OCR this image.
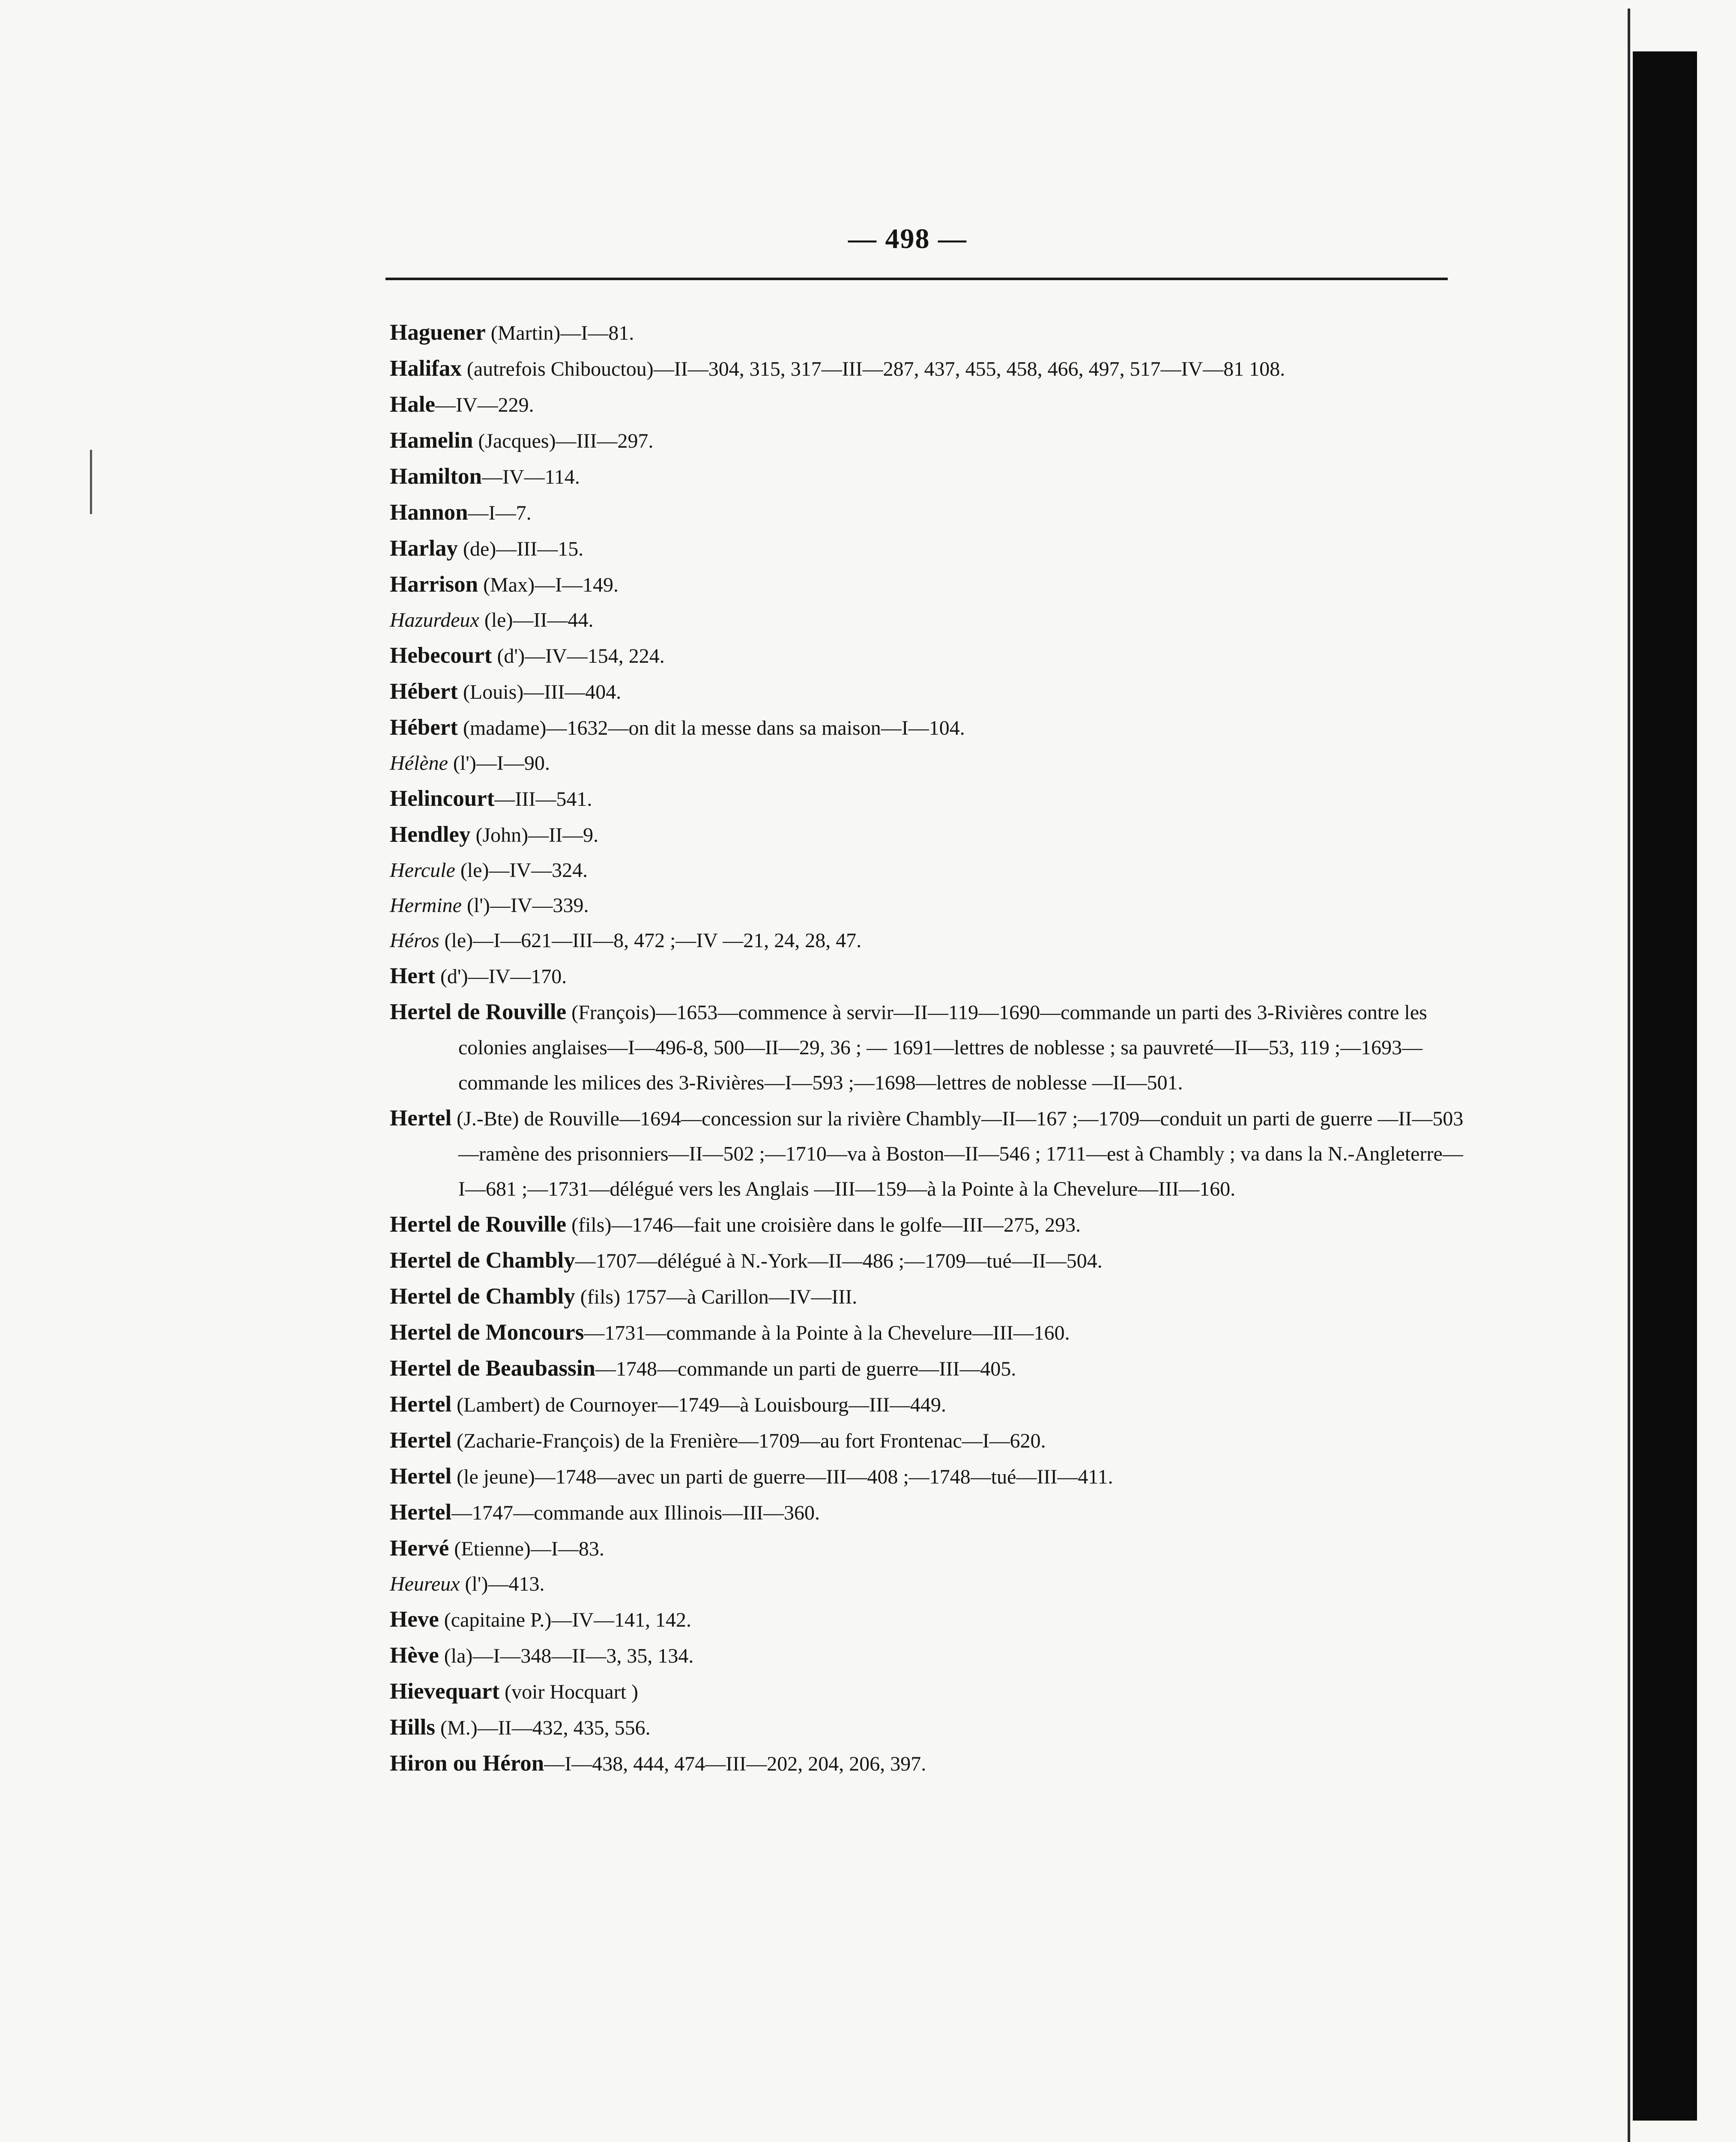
— 498 —
Haguener (Martin)—I—81.
Halifax (autrefois Chibouctou)—II—304, 315, 317—III—287, 437, 455, 458, 466, 497, 517—IV—81 108.
Hale—IV—229.
Hamelin (Jacques)—III—297.
Hamilton—IV—114.
Hannon—I—7.
Harlay (de)—III—15.
Harrison (Max)—I—149.
Hazurdeux (le)—II—44.
Hebecourt (d')—IV—154, 224.
Hébert (Louis)—III—404.
Hébert (madame)—1632—on dit la messe dans sa maison—I—104.
Hélène (l')—I—90.
Helincourt—III—541.
Hendley (John)—II—9.
Hercule (le)—IV—324.
Hermine (l')—IV—339.
Héros (le)—I—621—III—8, 472 ;—IV —21, 24, 28, 47.
Hert (d')—IV—170.
Hertel de Rouville (François)—1653—commence à servir—II—119—1690—commande un parti des 3-Rivières contre les colonies anglaises—I—496-8, 500—II—29, 36 ; — 1691—lettres de noblesse ; sa pauvreté—II—53, 119 ;—1693—commande les milices des 3-Rivières—I—593 ;—1698—lettres de noblesse —II—501.
Hertel (J.-Bte) de Rouville—1694—concession sur la rivière Chambly—II—167 ;—1709—conduit un parti de guerre —II—503—ramène des prisonniers—II—502 ;—1710—va à Boston—II—546 ; 1711—est à Chambly ; va dans la N.-Angleterre—I—681 ;—1731—délégué vers les Anglais —III—159—à la Pointe à la Chevelure—III—160.
Hertel de Rouville (fils)—1746—fait une croisière dans le golfe—III—275, 293.
Hertel de Chambly—1707—délégué à N.-York—II—486 ;—1709—tué—II—504.
Hertel de Chambly (fils) 1757—à Carillon—IV—III.
Hertel de Moncours—1731—commande à la Pointe à la Chevelure—III—160.
Hertel de Beaubassin—1748—commande un parti de guerre—III—405.
Hertel (Lambert) de Cournoyer—1749—à Louisbourg—III—449.
Hertel (Zacharie-François) de la Frenière—1709—au fort Frontenac—I—620.
Hertel (le jeune)—1748—avec un parti de guerre—III—408 ;—1748—tué—III—411.
Hertel—1747—commande aux Illinois—III—360.
Hervé (Etienne)—I—83.
Heureux (l')—413.
Heve (capitaine P.)—IV—141, 142.
Hève (la)—I—348—II—3, 35, 134.
Hievequart (voir Hocquart )
Hills (M.)—II—432, 435, 556.
Hiron ou Héron—I—438, 444, 474—III—202, 204, 206, 397.
